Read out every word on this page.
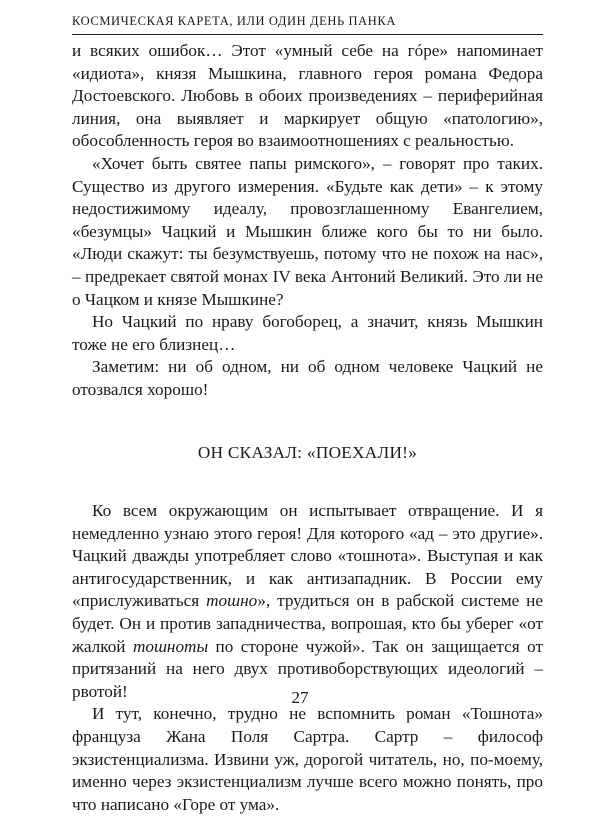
КОСМИЧЕСКАЯ КАРЕТА, ИЛИ ОДИН ДЕНЬ ПАНКА

и всяких ошибок… Этот «умный себе на гóре» напоминает «идиота», князя Мышкина, главного героя романа Федора Достоевского. Любовь в обоих произведениях – периферийная линия, она выявляет и маркирует общую «патологию», обособленность героя во взаимоотношениях с реальностью.

«Хочет быть святее папы римского», – говорят про таких. Существо из другого измерения. «Будьте как дети» – к этому недостижимому идеалу, провозглашенному Евангелием, «безумцы» Чацкий и Мышкин ближе кого бы то ни было. «Люди скажут: ты безумствуешь, потому что не похож на нас», – предрекает святой монах IV века Антоний Великий. Это ли не о Чацком и князе Мышкине?

Но Чацкий по нраву богоборец, а значит, князь Мышкин тоже не его близнец…

Заметим: ни об одном, ни об одном человеке Чацкий не отозвался хорошо!

ОН СКАЗАЛ: «ПОЕХАЛИ!»

Ко всем окружающим он испытывает отвращение. И я немедленно узнаю этого героя! Для которого «ад – это другие». Чацкий дважды употребляет слово «тошнота». Выступая и как антигосударственник, и как антизападник. В России ему «прислуживаться тошно», трудиться он в рабской системе не будет. Он и против западничества, вопрошая, кто бы уберег «от жалкой тошноты по стороне чужой». Так он защищается от притязаний на него двух противоборствующих идеологий – рвотой!

И тут, конечно, трудно не вспомнить роман «Тошнота» француза Жана Поля Сартра. Сартр – философ экзистенциализма. Извини уж, дорогой читатель, но, по-моему, именно через экзистенциализм лучше всего можно понять, про что написано «Горе от ума».

27
